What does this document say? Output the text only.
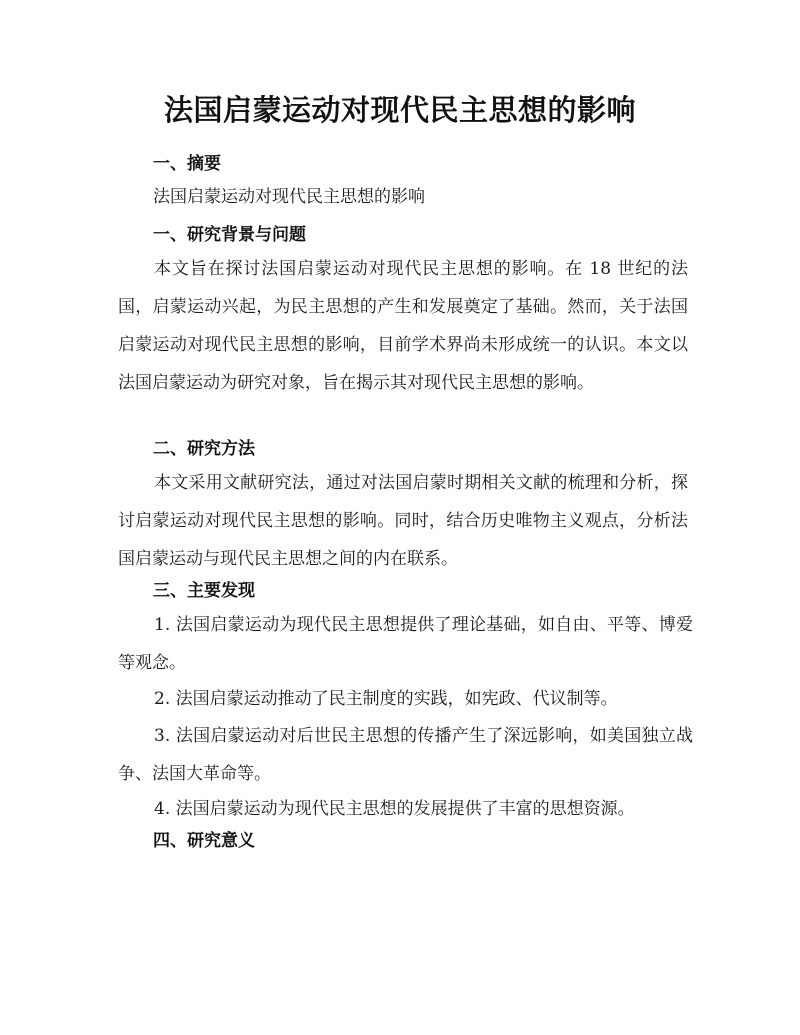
法国启蒙运动对现代民主思想的影响
一、摘要
法国启蒙运动对现代民主思想的影响
一、研究背景与问题
本文旨在探讨法国启蒙运动对现代民主思想的影响。在 18 世纪的法国，启蒙运动兴起，为民主思想的产生和发展奠定了基础。然而，关于法国启蒙运动对现代民主思想的影响，目前学术界尚未形成统一的认识。本文以法国启蒙运动为研究对象，旨在揭示其对现代民主思想的影响。
二、研究方法
本文采用文献研究法，通过对法国启蒙时期相关文献的梳理和分析，探讨启蒙运动对现代民主思想的影响。同时，结合历史唯物主义观点，分析法国启蒙运动与现代民主思想之间的内在联系。
三、主要发现
1. 法国启蒙运动为现代民主思想提供了理论基础，如自由、平等、博爱等观念。
2. 法国启蒙运动推动了民主制度的实践，如宪政、代议制等。
3. 法国启蒙运动对后世民主思想的传播产生了深远影响，如美国独立战争、法国大革命等。
4. 法国启蒙运动为现代民主思想的发展提供了丰富的思想资源。
四、研究意义
